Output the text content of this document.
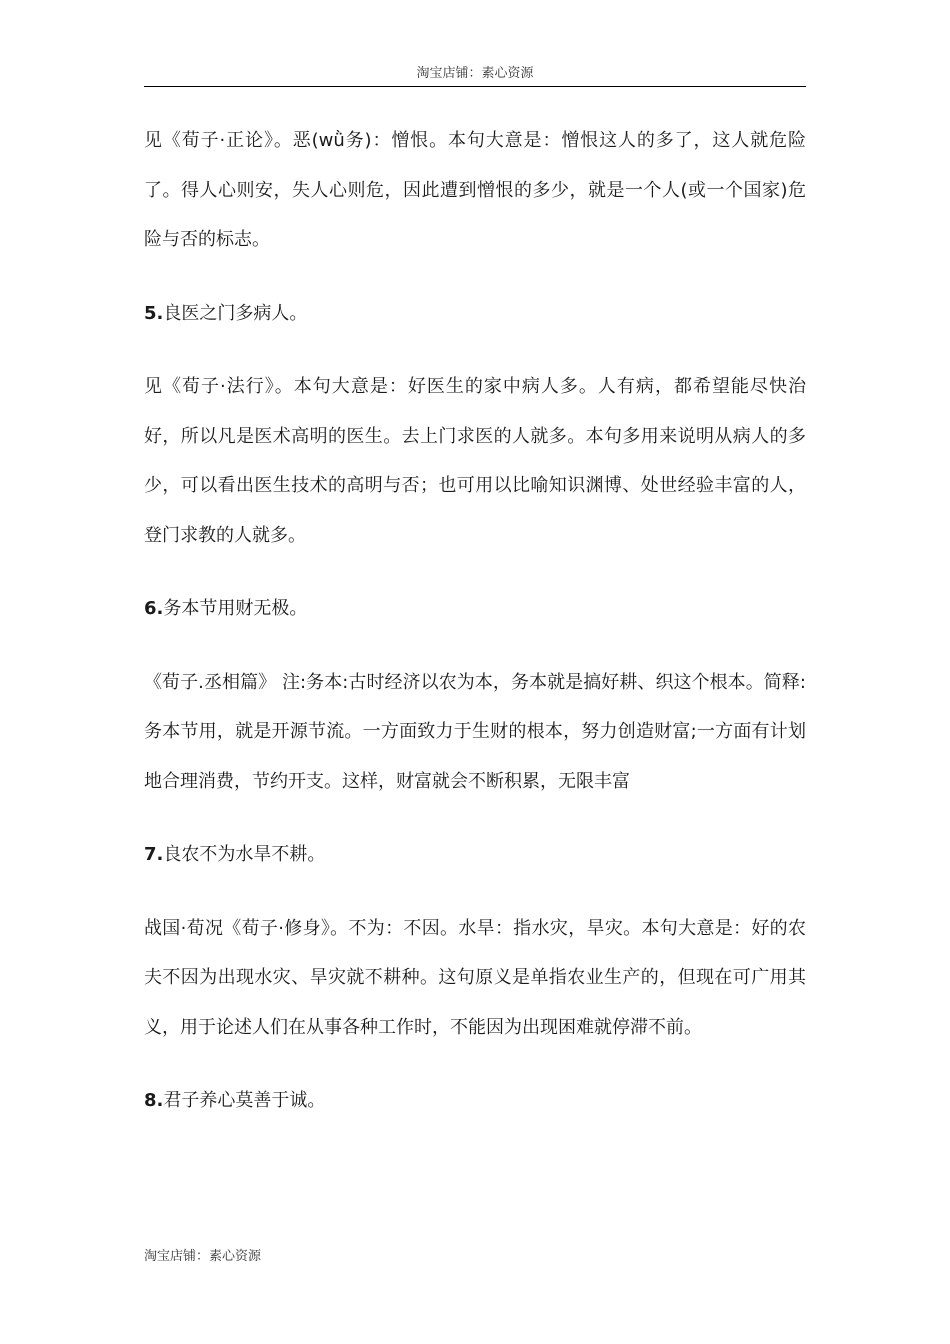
淘宝店铺：素心资源

见《荀子·正论》。恶(wǜ务)：憎恨。本句大意是：憎恨这人的多了，这人就危险了。得人心则安，失人心则危，因此遭到憎恨的多少，就是一个人(或一个国家)危险与否的标志。

5.良医之门多病人。

见《荀子·法行》。本句大意是：好医生的家中病人多。人有病，都希望能尽快治好，所以凡是医术高明的医生。去上门求医的人就多。本句多用来说明从病人的多少，可以看出医生技术的高明与否；也可用以比喻知识渊博、处世经验丰富的人，登门求教的人就多。

6.务本节用财无极。

《荀子.丞相篇》 注:务本:古时经济以农为本，务本就是搞好耕、织这个根本。简释:务本节用，就是开源节流。一方面致力于生财的根本，努力创造财富;一方面有计划地合理消费，节约开支。这样，财富就会不断积累，无限丰富

7.良农不为水旱不耕。

战国·荀况《荀子·修身》。不为：不因。水旱：指水灾，旱灾。本句大意是：好的农夫不因为出现水灾、旱灾就不耕种。这句原义是单指农业生产的，但现在可广用其义，用于论述人们在从事各种工作时，不能因为出现困难就停滞不前。

8.君子养心莫善于诚。

淘宝店铺：素心资源
